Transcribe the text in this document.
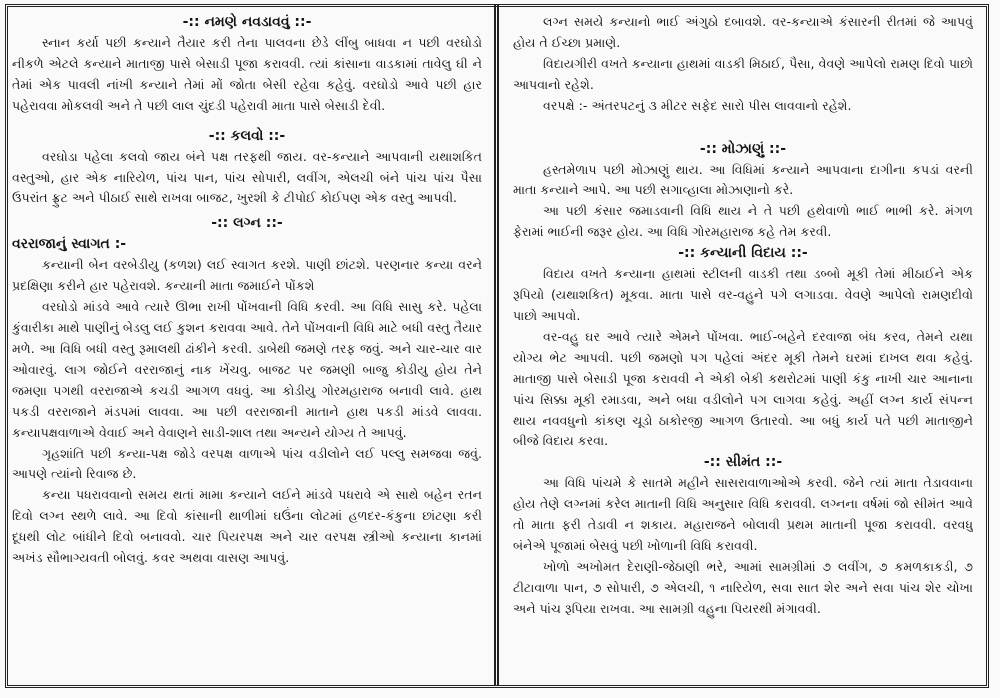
-:: નમણે નવડાવવું ::-

સ્નાન કર્યા પછી કન્યાને તૈયાર કરી તેના પાલવના છેડે લીંબુ બાધવા ન પછી વરઘોડો નીકળે એટલે કન્યાને માતાજી પાસે બેસાડી પૂજા કરાવવી. ત્યાં કાંસાના વાડકામાં તાવેલુ ઘી ને તેમાં એક પાવલી નાંખી કન્યાને તેમાં મોં જોતા બેસી રહેવા કહેવું. વરઘોડો આવે પછી હાર પહેરાવવા મોકલવી અને તે પછી લાલ ચુંદડી પહેરાવી માતા પાસે બેસાડી દેવી.

-:: કલવો ::-

વરઘોડા પહેલા કલવો જાય બંને પક્ષ તરફથી જાય. વર-કન્યાને આપવાની યથાશકિત વસ્તુઓ, હાર એક નારિયેળ, પાંચ પાન, પાંચ સોપારી, લવીંગ, એલચી બંને પાંચ પાંચ પૈસા ઉપરાંત ફ્રુટ અને પીઠાઈ સાથે રાખવા બાજટ, ખુરશી કે ટીપોઈ કોઈપણ એક વસ્તુ આપવી.

-:: લગ્ન ::-
વરરાજાનું સ્વાગત :-

કન્યાની બેન વરબેડીયુ (કળશ) લઈ સ્વાગત કરશે. પાણી છાંટશે. પરણનાર કન્યા વરને પ્રદક્ષિણા કરીને હાર પહેરાવશે. કન્યાની માતા જમાઈને પોંકશે

વરઘોડો માંડવે આવે ત્યારે ઊભા રાખી પોંખવાની વિધિ કરવી. આ વિધિ સાસુ કરે. પહેલા કુંવારીકા માથે પાણીનું બેડલુ લઈ કુશન કરાવવા આવે. તેને પોંખવાની વિધિ માટે બધી વસ્તુ તૈયાર મળે. આ વિધિ બધી વસ્તુ રૂમાલથી ઢાંકીને કરવી. ડાબેથી જમણે તરફ જવું. અને ચાર-ચાર વાર ઓવારવું. લાગ જોઈને વરરાજાનું નાક ખેંચવુ. બાજટ પર જમણી બાજુ કોડીયુ હોય તેને જમણા પગથી વરરાજાએ કચડી આગળ વધવું. આ કોડીયુ ગોરમહારાજ બનાવી લાવે. હાથ પકડી વરરાજાને મંડપમાં લાવવા. આ પછી વરરાજાની માતાને હાથ પકડી માંડવે લાવવા. કન્યાપક્ષવાળાએ વેવાઈ અને વેવાણને સાડી-શાલ તથા અન્યને યોગ્ય તે આપવું.

ગૃહશાંતિ પછી કન્યા-પક્ષ જોડે વરપક્ષ વાળાએ પાંચ વડીલોને લઈ પલ્લુ સમજવા જવું. આપણે ત્યાંનો રિવાજ છે.

કન્યા પધરાવવાનો સમય થતાં મામા કન્યાને લઈને માંડવે પધરાવે એ સાથે બહેન રતન દિવો લગ્ન સ્થળે લાવે. આ દિવો કાંસાની થાળીમાં ઘઉંના લોટમાં હળદર-કંકુના છાંટણા કરી દૂધથી લોટ બાંધીને દિવો બનાવવો. ચાર પિયરપક્ષ અને ચાર વરપક્ષ સ્ત્રીઓ કન્યાના કાનમાં અખંડ સૌભાગ્યવતી બોલવું. કવર અથવા વાસણ આપવું.

લગ્ન સમયે કન્યાનો ભાઈ અંગુઠો દબાવશે. વર-કન્યાએ કંસારની રીતમાં જે આપવું હોય તે ઈચ્છા પ્રમાણે.

વિદાયગીરી વખતે કન્યાના હાથમાં વાડકી મિઠાઈ, પૈસા, વેવણે આપેલો રામણ દિવો પાછો આપવાનો રહેશે.

વરપક્ષે :- અંતરપટનું ૩ મીટર સફેદ સારો પીસ લાવવાનો રહેશે.

-:: મોઝાણું ::-

હસ્તમેળાપ પછી મોઝાણું થાય. આ વિધિમાં કન્યાને આપવાના દાગીના કપડાં વરની માતા કન્યાને આપે. આ પછી સગાવ્હાલા મોઝાણાનો કરે.

આ પછી કંસાર જમાડવાની વિધિ થાય ને તે પછી હથેવાળો ભાઈ ભાભી કરે. મંગળ ફેરામાં ભાઈની જરૂર હોય. આ વિધિ ગોરમહારાજ કહે તેમ કરવી.

-:: કન્યાની વિદાય ::-

વિદાય વખતે કન્યાના હાથમાં સ્ટીલની વાડકી તથા ડબ્બો મૂકી તેમાં મીઠાઈને એક રૂપિયો (યથાશકિત) મૂકવા. માતા પાસે વર-વહુને પગે લગાડવા. વેવણે આપેલો રામણદીવો પાછો આપવો.

વર-વહુ ઘર આવે ત્યારે એમને પોંખવા. ભાઈ-બહેને દરવાજા બંધ કરવ, તેમને યથા યોગ્ય ભેટ આપવી. પછી જમણો પગ પહેલાં અંદર મૂકી તેમને ઘરમાં દાખલ થવા કહેવું. માતાજી પાસે બેસાડી પૂજા કરાવવી ને એકી બેકી કથરોટમાં પાણી કંકુ નાખી ચાર આનાના પાંચ સિક્કા મૂકી રમાડવા, અને બધા વડીલોને પગ લાગવા કહેવું. અહીં લગ્ન કાર્ય સંપન્ન થાય નવવધુનો કાંકણ ચૂડો ઠાકોરજી આગળ ઉતારવો. આ બધું કાર્ય પતે પછી માતાજીને બીજે વિદાય કરવા.

-:: સીમંત ::-

આ વિધિ પાંચમે કે સાતમે મહીને સાસરાવાળાઓએ કરવી. જેને ત્યાં માતા તેડાવવાના હોય તેણે લગ્નમાં કરેલ માતાની વિધિ અનુસાર વિધિ કરાવવી. લગ્નના વર્ષમાં જો સીમંત આવે તો માતા ફરી તેડાવી ન શકાય. મહારાજને બોલાવી પ્રથમ માતાની પૂજા કરાવવી. વરવધુ બંનેએ પૂજામાં બેસવું પછી ખોળાની વિધિ કરાવવી.

ખોળો અખોમત દેરાણી-જેઠાણી ભરે, આમાં સામગ્રીમાં ૭ લવીંગ, ૭ કમળકાકડી, ૭ ટીટાવાળા પાન, ૭ સોપારી, ૭ એલચી, ૧ નારિયેળ, સવા સાત શેર અને સવા પાંચ શેર ચોખા અને પાંચ રૂપિયા રાખવા. આ સામગ્રી વહુના પિયરથી મંગાવવી.
